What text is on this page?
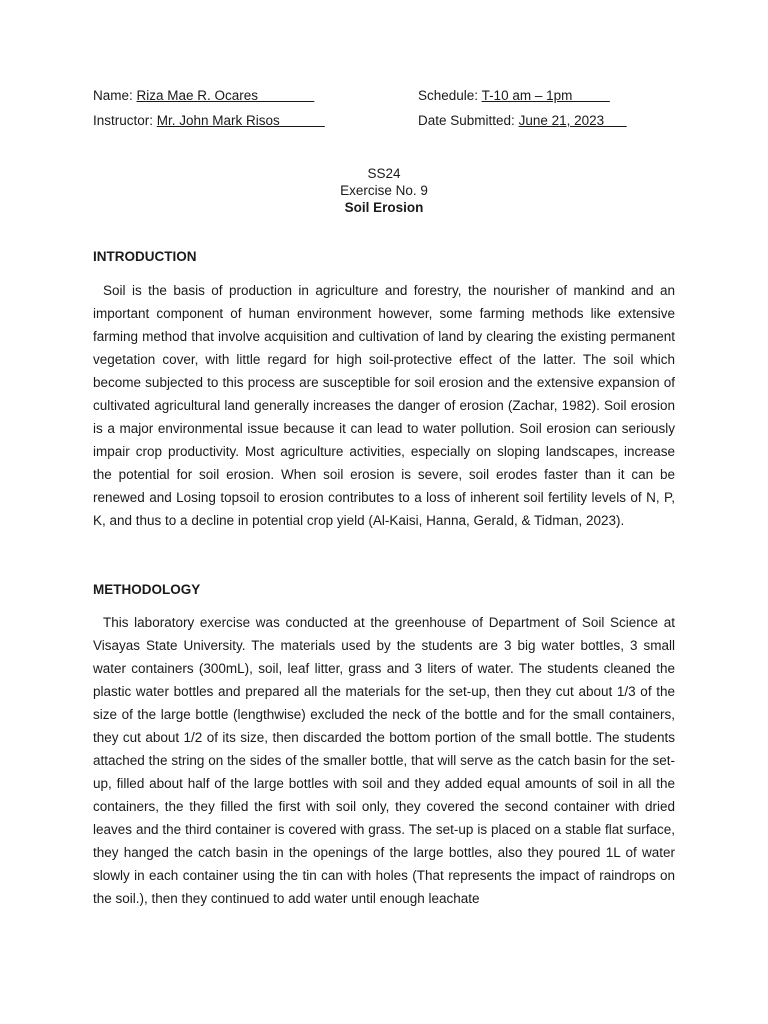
Name: Riza Mae R. Ocares	Schedule: T-10 am – 1pm
Instructor: Mr. John Mark Risos	Date Submitted: June 21, 2023
SS24
Exercise No. 9
Soil Erosion
INTRODUCTION
Soil is the basis of production in agriculture and forestry, the nourisher of mankind and an important component of human environment however, some farming methods like extensive farming method that involve acquisition and cultivation of land by clearing the existing permanent vegetation cover, with little regard for high soil-protective effect of the latter. The soil which become subjected to this process are susceptible for soil erosion and the extensive expansion of cultivated agricultural land generally increases the danger of erosion (Zachar, 1982). Soil erosion is a major environmental issue because it can lead to water pollution. Soil erosion can seriously impair crop productivity. Most agriculture activities, especially on sloping landscapes, increase the potential for soil erosion. When soil erosion is severe, soil erodes faster than it can be renewed and Losing topsoil to erosion contributes to a loss of inherent soil fertility levels of N, P, K, and thus to a decline in potential crop yield (Al-Kaisi, Hanna, Gerald, & Tidman, 2023).
METHODOLOGY
This laboratory exercise was conducted at the greenhouse of Department of Soil Science at Visayas State University. The materials used by the students are 3 big water bottles, 3 small water containers (300mL), soil, leaf litter, grass and 3 liters of water. The students cleaned the plastic water bottles and prepared all the materials for the set-up, then they cut about 1/3 of the size of the large bottle (lengthwise) excluded the neck of the bottle and for the small containers, they cut about 1/2 of its size, then discarded the bottom portion of the small bottle. The students attached the string on the sides of the smaller bottle, that will serve as the catch basin for the set-up, filled about half of the large bottles with soil and they added equal amounts of soil in all the containers, the they filled the first with soil only, they covered the second container with dried leaves and the third container is covered with grass. The set-up is placed on a stable flat surface, they hanged the catch basin in the openings of the large bottles, also they poured 1L of water slowly in each container using the tin can with holes (That represents the impact of raindrops on the soil.), then they continued to add water until enough leachate
